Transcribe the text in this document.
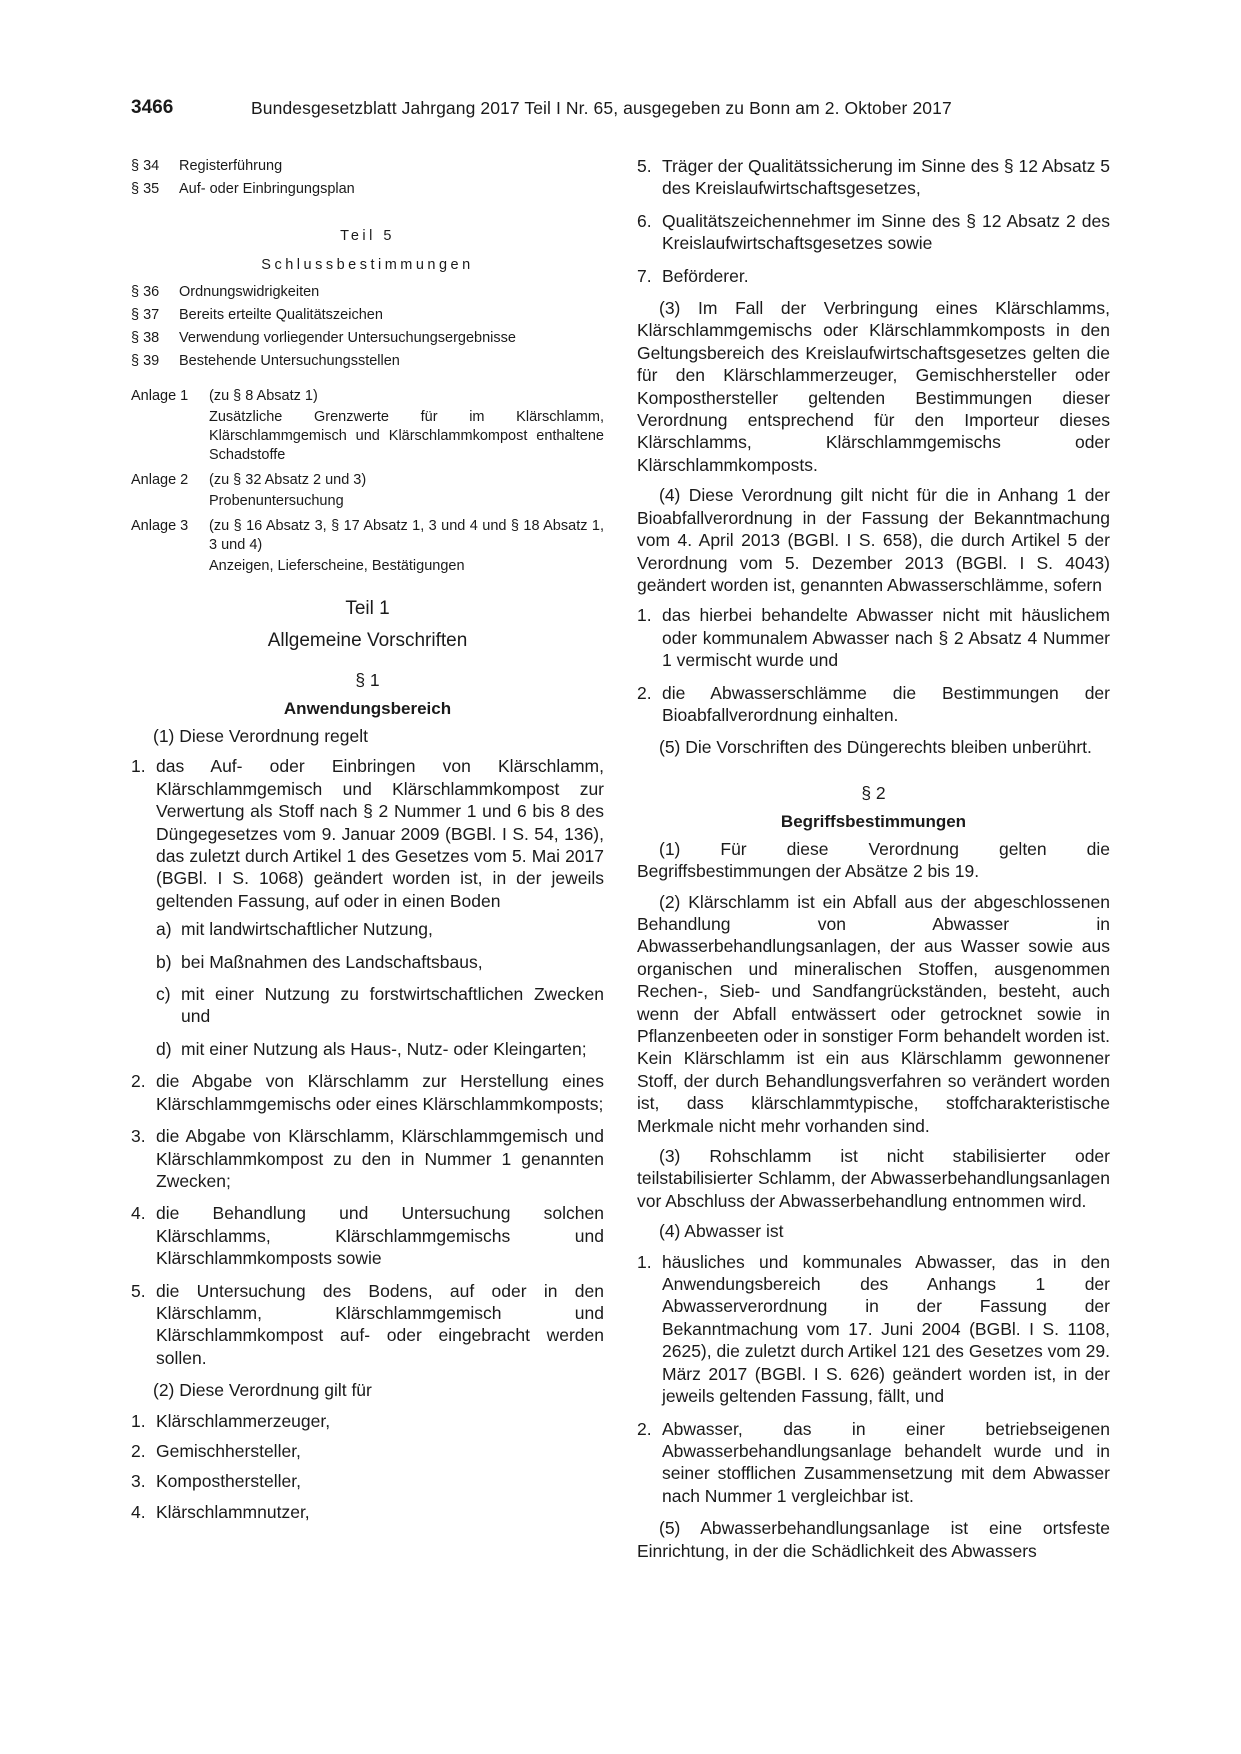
3466	Bundesgesetzblatt Jahrgang 2017 Teil I Nr. 65, ausgegeben zu Bonn am 2. Oktober 2017
§ 34	Registerführung
§ 35	Auf- oder Einbringungsplan
Teil 5
Schlussbestimmungen
§ 36	Ordnungswidrigkeiten
§ 37	Bereits erteilte Qualitätszeichen
§ 38	Verwendung vorliegender Untersuchungsergebnisse
§ 39	Bestehende Untersuchungsstellen
Anlage 1	(zu § 8 Absatz 1)
Zusätzliche Grenzwerte für im Klärschlamm, Klärschlammgemisch und Klärschlammkompost enthaltene Schadstoffe
Anlage 2	(zu § 32 Absatz 2 und 3)
Probenuntersuchung
Anlage 3	(zu § 16 Absatz 3, § 17 Absatz 1, 3 und 4 und § 18 Absatz 1, 3 und 4)
Anzeigen, Lieferscheine, Bestätigungen
Teil 1
Allgemeine Vorschriften
§ 1
Anwendungsbereich

(1) Diese Verordnung regelt

1. das Auf- oder Einbringen von Klärschlamm, Klärschlammgemisch und Klärschlammkompost zur Verwertung als Stoff nach § 2 Nummer 1 und 6 bis 8 des Düngegesetzes vom 9. Januar 2009 (BGBl. I S. 54, 136), das zuletzt durch Artikel 1 des Gesetzes vom 5. Mai 2017 (BGBl. I S. 1068) geändert worden ist, in der jeweils geltenden Fassung, auf oder in einen Boden
a) mit landwirtschaftlicher Nutzung,
b) bei Maßnahmen des Landschaftsbaus,
c) mit einer Nutzung zu forstwirtschaftlichen Zwecken und
d) mit einer Nutzung als Haus-, Nutz- oder Kleingarten;
2. die Abgabe von Klärschlamm zur Herstellung eines Klärschlammgemischs oder eines Klärschlammkomposts;
3. die Abgabe von Klärschlamm, Klärschlammgemisch und Klärschlammkompost zu den in Nummer 1 genannten Zwecken;
4. die Behandlung und Untersuchung solchen Klärschlamms, Klärschlammgemischs und Klärschlammkomposts sowie
5. die Untersuchung des Bodens, auf oder in den Klärschlamm, Klärschlammgemisch und Klärschlammkompost auf- oder eingebracht werden sollen.

(2) Diese Verordnung gilt für

1. Klärschlammerzeuger,
2. Gemischhersteller,
3. Komposthersteller,
4. Klärschlammnutzer,
5. Träger der Qualitätssicherung im Sinne des § 12 Absatz 5 des Kreislaufwirtschaftsgesetzes,
6. Qualitätszeichennehmer im Sinne des § 12 Absatz 2 des Kreislaufwirtschaftsgesetzes sowie
7. Beförderer.

(3) Im Fall der Verbringung eines Klärschlamms, Klärschlammgemischs oder Klärschlammkomposts in den Geltungsbereich des Kreislaufwirtschaftsgesetzes gelten die für den Klärschlammerzeuger, Gemischhersteller oder Komposthersteller geltenden Bestimmungen dieser Verordnung entsprechend für den Importeur dieses Klärschlamms, Klärschlammgemischs oder Klärschlammkomposts.

(4) Diese Verordnung gilt nicht für die in Anhang 1 der Bioabfallverordnung in der Fassung der Bekanntmachung vom 4. April 2013 (BGBl. I S. 658), die durch Artikel 5 der Verordnung vom 5. Dezember 2013 (BGBl. I S. 4043) geändert worden ist, genannten Abwasserschlämme, sofern

1. das hierbei behandelte Abwasser nicht mit häuslichem oder kommunalem Abwasser nach § 2 Absatz 4 Nummer 1 vermischt wurde und
2. die Abwasserschlämme die Bestimmungen der Bioabfallverordnung einhalten.

(5) Die Vorschriften des Düngerechts bleiben unberührt.

§ 2
Begriffsbestimmungen

(1) Für diese Verordnung gelten die Begriffsbestimmungen der Absätze 2 bis 19.

(2) Klärschlamm ist ein Abfall aus der abgeschlossenen Behandlung von Abwasser in Abwasserbehandlungsanlagen, der aus Wasser sowie aus organischen und mineralischen Stoffen, ausgenommen Rechen-, Sieb- und Sandfangrückständen, besteht, auch wenn der Abfall entwässert oder getrocknet sowie in Pflanzenbeeten oder in sonstiger Form behandelt worden ist. Kein Klärschlamm ist ein aus Klärschlamm gewonnener Stoff, der durch Behandlungsverfahren so verändert worden ist, dass klärschlammtypische, stoffcharakteristische Merkmale nicht mehr vorhanden sind.

(3) Rohschlamm ist nicht stabilisierter oder teilstabilisierter Schlamm, der Abwasserbehandlungsanlagen vor Abschluss der Abwasserbehandlung entnommen wird.

(4) Abwasser ist

1. häusliches und kommunales Abwasser, das in den Anwendungsbereich des Anhangs 1 der Abwasserverordnung in der Fassung der Bekanntmachung vom 17. Juni 2004 (BGBl. I S. 1108, 2625), die zuletzt durch Artikel 121 des Gesetzes vom 29. März 2017 (BGBl. I S. 626) geändert worden ist, in der jeweils geltenden Fassung, fällt, und
2. Abwasser, das in einer betriebseigenen Abwasserbehandlungsanlage behandelt wurde und in seiner stofflichen Zusammensetzung mit dem Abwasser nach Nummer 1 vergleichbar ist.

(5) Abwasserbehandlungsanlage ist eine ortsfeste Einrichtung, in der die Schädlichkeit des Abwassers
